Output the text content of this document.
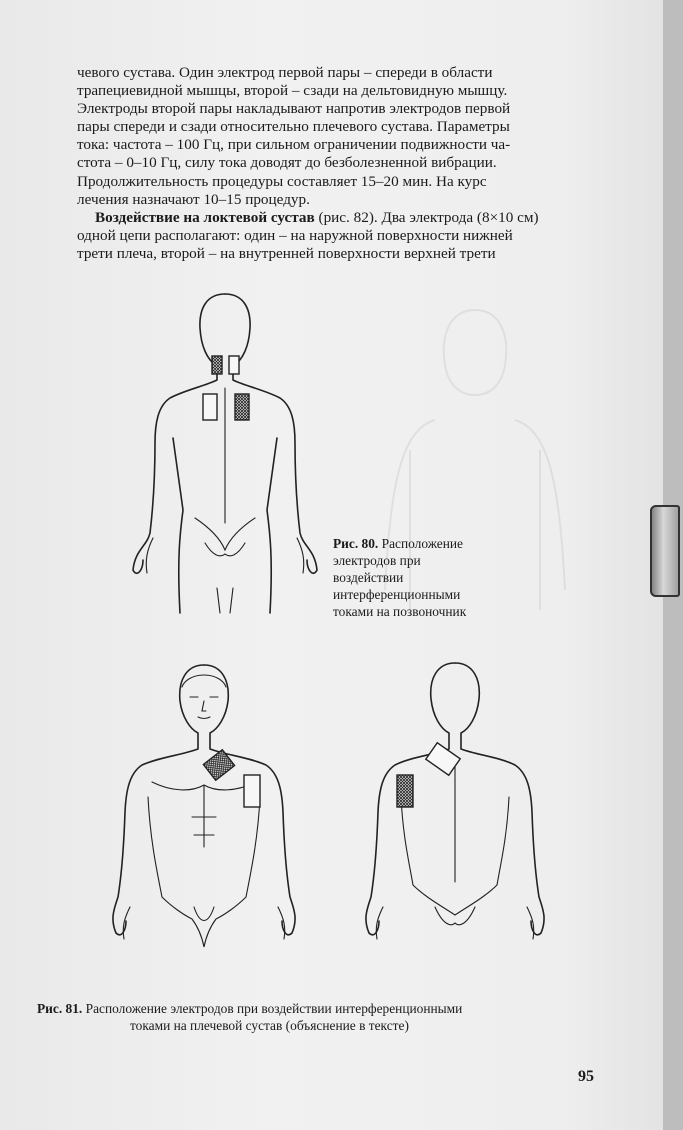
чевого сустава. Один электрод первой пары – спереди в области

трапециевидной мышцы, второй – сзади на дельтовидную мышцу.

Электроды второй пары накладывают напротив электродов первой

пары спереди и сзади относительно плечевого сустава. Параметры

тока: частота – 100 Гц, при сильном ограничении подвижности ча-

стота – 0–10 Гц, силу тока доводят до безболезненной вибрации.

Продолжительность процедуры составляет 15–20 мин. На курс

лечения назначают 10–15 процедур.

Воздействие на локтевой сустав (рис. 82). Два электрода (8×10 см)

одной цепи располагают: один – на наружной поверхности нижней

трети плеча, второй – на внутренней поверхности верхней трети

Рис. 80. Расположение
электродов при
воздействии
интерференционными
токами на позвоночник
Рис. 81. Расположение электродов при воздействии интерференционными
токами на плечевой сустав (объяснение в тексте)
95
